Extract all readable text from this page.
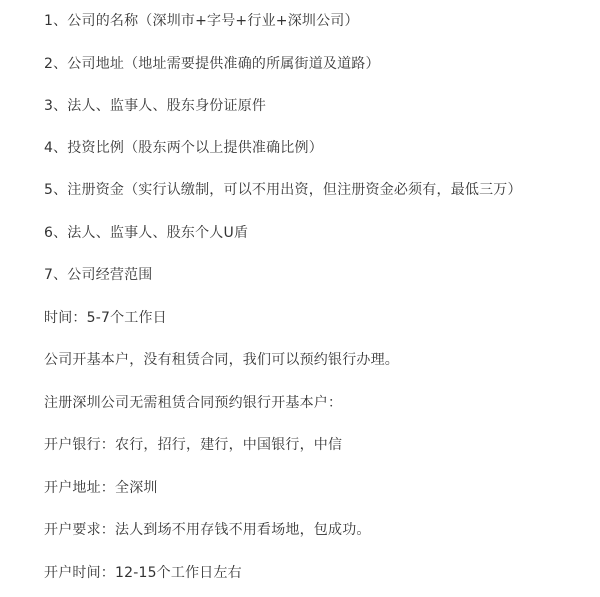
1、公司的名称（深圳市+字号+行业+深圳公司）
2、公司地址（地址需要提供准确的所属街道及道路）
3、法人、监事人、股东身份证原件
4、投资比例（股东两个以上提供准确比例）
5、注册资金（实行认缴制，可以不用出资，但注册资金必须有，最低三万）
6、法人、监事人、股东个人U盾
7、公司经营范围
时间：5-7个工作日
公司开基本户，没有租赁合同，我们可以预约银行办理。
注册深圳公司无需租赁合同预约银行开基本户：
开户银行：农行，招行，建行，中国银行，中信
开户地址：全深圳
开户要求：法人到场不用存钱不用看场地，包成功。
开户时间：12-15个工作日左右
